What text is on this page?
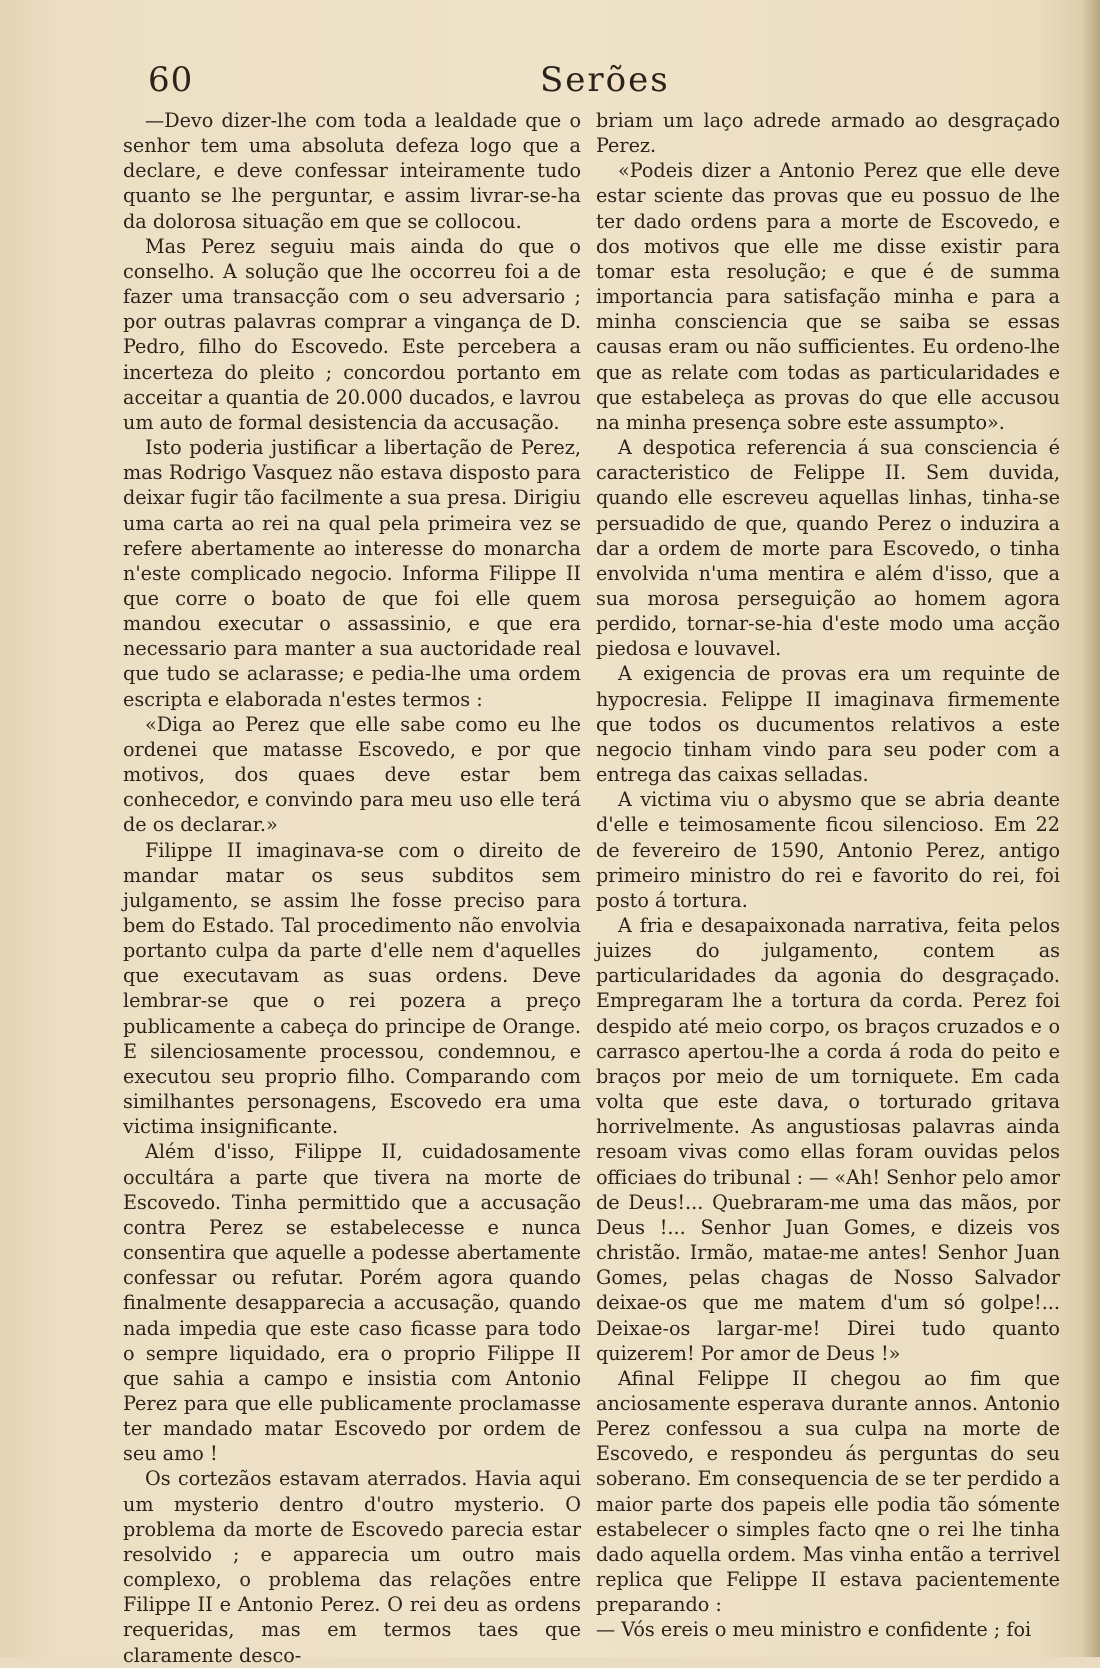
60	Serões

—Devo dizer-lhe com toda a lealdade que o senhor tem uma absoluta defeza logo que a declare, e deve confessar inteiramente tudo quanto se lhe perguntar, e assim livrar-se-ha da dolorosa situação em que se collocou.

Mas Perez seguiu mais ainda do que o conselho. A solução que lhe occorreu foi a de fazer uma transacção com o seu adversario ; por outras palavras comprar a vingança de D. Pedro, filho do Escovedo. Este percebera a incerteza do pleito ; concordou portanto em acceitar a quantia de 20.000 ducados, e lavrou um auto de formal desistencia da accusação.

Isto poderia justificar a libertação de Perez, mas Rodrigo Vasquez não estava disposto para deixar fugir tão facilmente a sua presa. Dirigiu uma carta ao rei na qual pela primeira vez se refere abertamente ao interesse do monarcha n'este complicado negocio. Informa Filippe II que corre o boato de que foi elle quem mandou executar o assassinio, e que era necessario para manter a sua auctoridade real que tudo se aclarasse; e pedia-lhe uma ordem escripta e elaborada n'estes termos :

«Diga ao Perez que elle sabe como eu lhe ordenei que matasse Escovedo, e por que motivos, dos quaes deve estar bem conhecedor, e convindo para meu uso elle terá de os declarar.»

Filippe II imaginava-se com o direito de mandar matar os seus subditos sem julgamento, se assim lhe fosse preciso para bem do Estado. Tal procedimento não envolvia portanto culpa da parte d'elle nem d'aquelles que executavam as suas ordens. Deve lembrar-se que o rei pozera a preço publicamente a cabeça do principe de Orange. E silenciosamente processou, condemnou, e executou seu proprio filho. Comparando com similhantes personagens, Escovedo era uma victima insignificante.

Além d'isso, Filippe II, cuidadosamente occultára a parte que tivera na morte de Escovedo. Tinha permittido que a accusação contra Perez se estabelecesse e nunca consentira que aquelle a podesse abertamente confessar ou refutar. Porém agora quando finalmente desapparecia a accusação, quando nada impedia que este caso ficasse para todo o sempre liquidado, era o proprio Filippe II que sahia a campo e insistia com Antonio Perez para que elle publicamente proclamasse ter mandado matar Escovedo por ordem de seu amo !

Os cortezãos estavam aterrados. Havia aqui um mysterio dentro d'outro mysterio. O problema da morte de Escovedo parecia estar resolvido ; e apparecia um outro mais complexo, o problema das relações entre Filippe II e Antonio Perez. O rei deu as ordens requeridas, mas em termos taes que claramente desco-

briam um laço adrede armado ao desgraçado Perez.

«Podeis dizer a Antonio Perez que elle deve estar sciente das provas que eu possuo de lhe ter dado ordens para a morte de Escovedo, e dos motivos que elle me disse existir para tomar esta resolução; e que é de summa importancia para satisfação minha e para a minha consciencia que se saiba se essas causas eram ou não sufficientes. Eu ordeno-lhe que as relate com todas as particularidades e que estabeleça as provas do que elle accusou na minha presença sobre este assumpto».

A despotica referencia á sua consciencia é caracteristico de Felippe II. Sem duvida, quando elle escreveu aquellas linhas, tinha-se persuadido de que, quando Perez o induzira a dar a ordem de morte para Escovedo, o tinha envolvida n'uma mentira e além d'isso, que a sua morosa perseguição ao homem agora perdido, tornar-se-hia d'este modo uma acção piedosa e louvavel.

A exigencia de provas era um requinte de hypocresia. Felippe II imaginava firmemente que todos os ducumentos relativos a este negocio tinham vindo para seu poder com a entrega das caixas selladas.

A victima viu o abysmo que se abria deante d'elle e teimosamente ficou silencioso. Em 22 de fevereiro de 1590, Antonio Perez, antigo primeiro ministro do rei e favorito do rei, foi posto á tortura.

A fria e desapaixonada narrativa, feita pelos juizes do julgamento, contem as particularidades da agonia do desgraçado. Empregaram lhe a tortura da corda. Perez foi despido até meio corpo, os braços cruzados e o carrasco apertou-lhe a corda á roda do peito e braços por meio de um torniquete. Em cada volta que este dava, o torturado gritava horrivelmente. As angustiosas palavras ainda resoam vivas como ellas foram ouvidas pelos officiaes do tribunal : — «Ah! Senhor pelo amor de Deus!... Quebraram-me uma das mãos, por Deus !... Senhor Juan Gomes, e dizeis vos christão. Irmão, matae-me antes! Senhor Juan Gomes, pelas chagas de Nosso Salvador deixae-os que me matem d'um só golpe!... Deixae-os largar-me! Direi tudo quanto quizerem! Por amor de Deus !»

Afinal Felippe II chegou ao fim que anciosamente esperava durante annos. Antonio Perez confessou a sua culpa na morte de Escovedo, e respondeu ás perguntas do seu soberano. Em consequencia de se ter perdido a maior parte dos papeis elle podia tão sómente estabelecer o simples facto qne o rei lhe tinha dado aquella ordem. Mas vinha então a terrivel replica que Felippe II estava pacientemente preparando :

— Vós ereis o meu ministro e confidente ; foi
